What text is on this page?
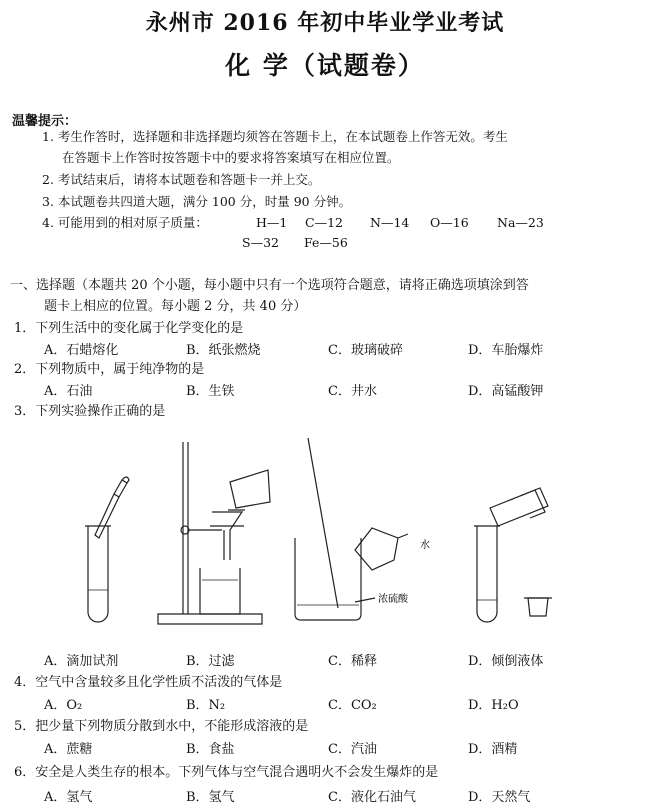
永州市 2016 年初中毕业学业考试
化 学（试题卷）
温馨提示：
1. 考生作答时，选择题和非选择题均须答在答题卡上，在本试题卷上作答无效。考生
在答题卡上作答时按答题卡中的要求将答案填写在相应位置。
2. 考试结束后，请将本试题卷和答题卡一并上交。
3. 本试题卷共四道大题，满分 100 分，时量 90 分钟。
4. 可能用到的相对原子质量：	H—1 C—12 N—14 O—16 Na—23
S—32 Fe—56
一、选择题（本题共 20 个小题，每小题中只有一个选项符合题意，请将正确选项填涂到答
题卡上相应的位置。每小题 2 分，共 40 分）
1．下列生活中的变化属于化学变化的是
A．石蜡熔化	B．纸张燃烧	C．玻璃破碎	D．车胎爆炸
2．下列物质中，属于纯净物的是
A．石油	B．生铁	C．井水	D．高锰酸钾
3．下列实验操作正确的是
水
浓硫酸
A．滴加试剂	B．过滤	C．稀释	D．倾倒液体
4．空气中含量较多且化学性质不活泼的气体是
A．O₂	B．N₂	C．CO₂	D．H₂O
5．把少量下列物质分散到水中，不能形成溶液的是
A．蔗糖	B．食盐	C．汽油	D．酒精
6．安全是人类生存的根本。下列气体与空气混合遇明火不会发生爆炸的是
A．氢气	B．氢气	C．液化石油气	D．天然气
